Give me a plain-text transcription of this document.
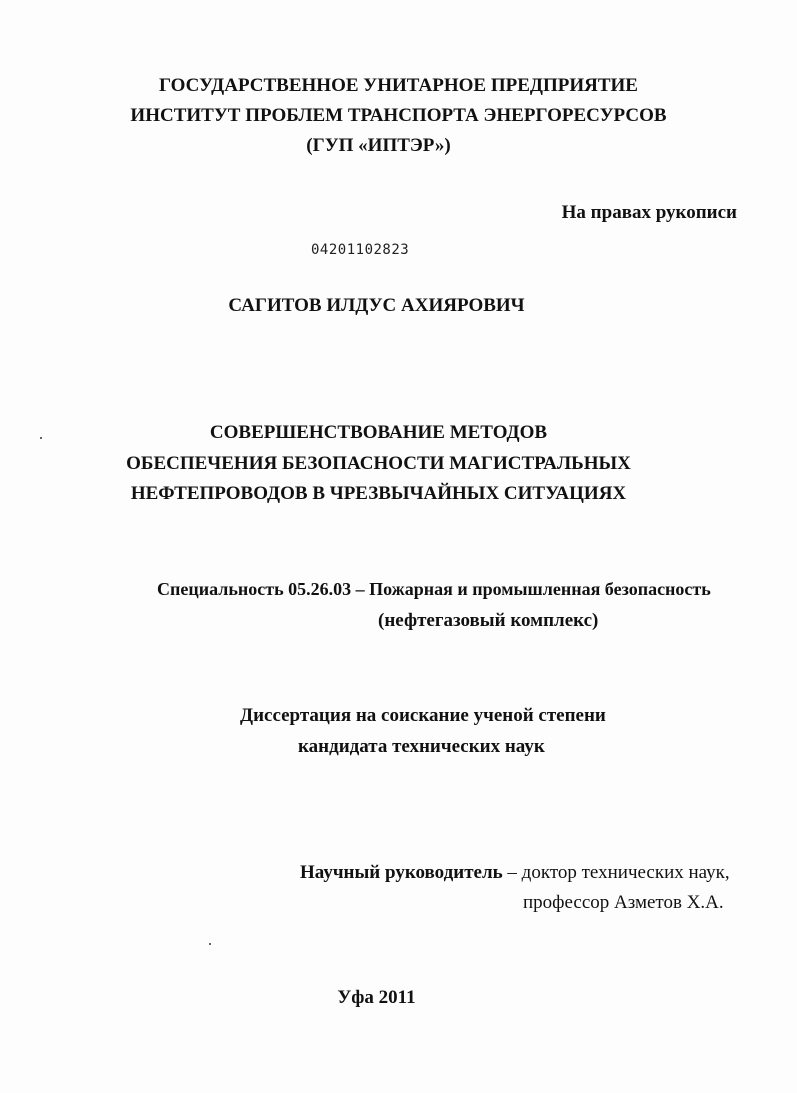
ГОСУДАРСТВЕННОЕ УНИТАРНОЕ ПРЕДПРИЯТИЕ
ИНСТИТУТ ПРОБЛЕМ ТРАНСПОРТА ЭНЕРГОРЕСУРСОВ
(ГУП «ИПТЭР»)
На правах рукописи
04201102823
САГИТОВ ИЛДУС АХИЯРОВИЧ
СОВЕРШЕНСТВОВАНИЕ МЕТОДОВ
ОБЕСПЕЧЕНИЯ БЕЗОПАСНОСТИ МАГИСТРАЛЬНЫХ
НЕФТЕПРОВОДОВ В ЧРЕЗВЫЧАЙНЫХ СИТУАЦИЯХ
Специальность 05.26.03 – Пожарная и промышленная безопасность
(нефтегазовый комплекс)
Диссертация на соискание ученой степени
кандидата технических наук
Научный руководитель – доктор технических наук,
профессор Азметов Х.А.
Уфа 2011
